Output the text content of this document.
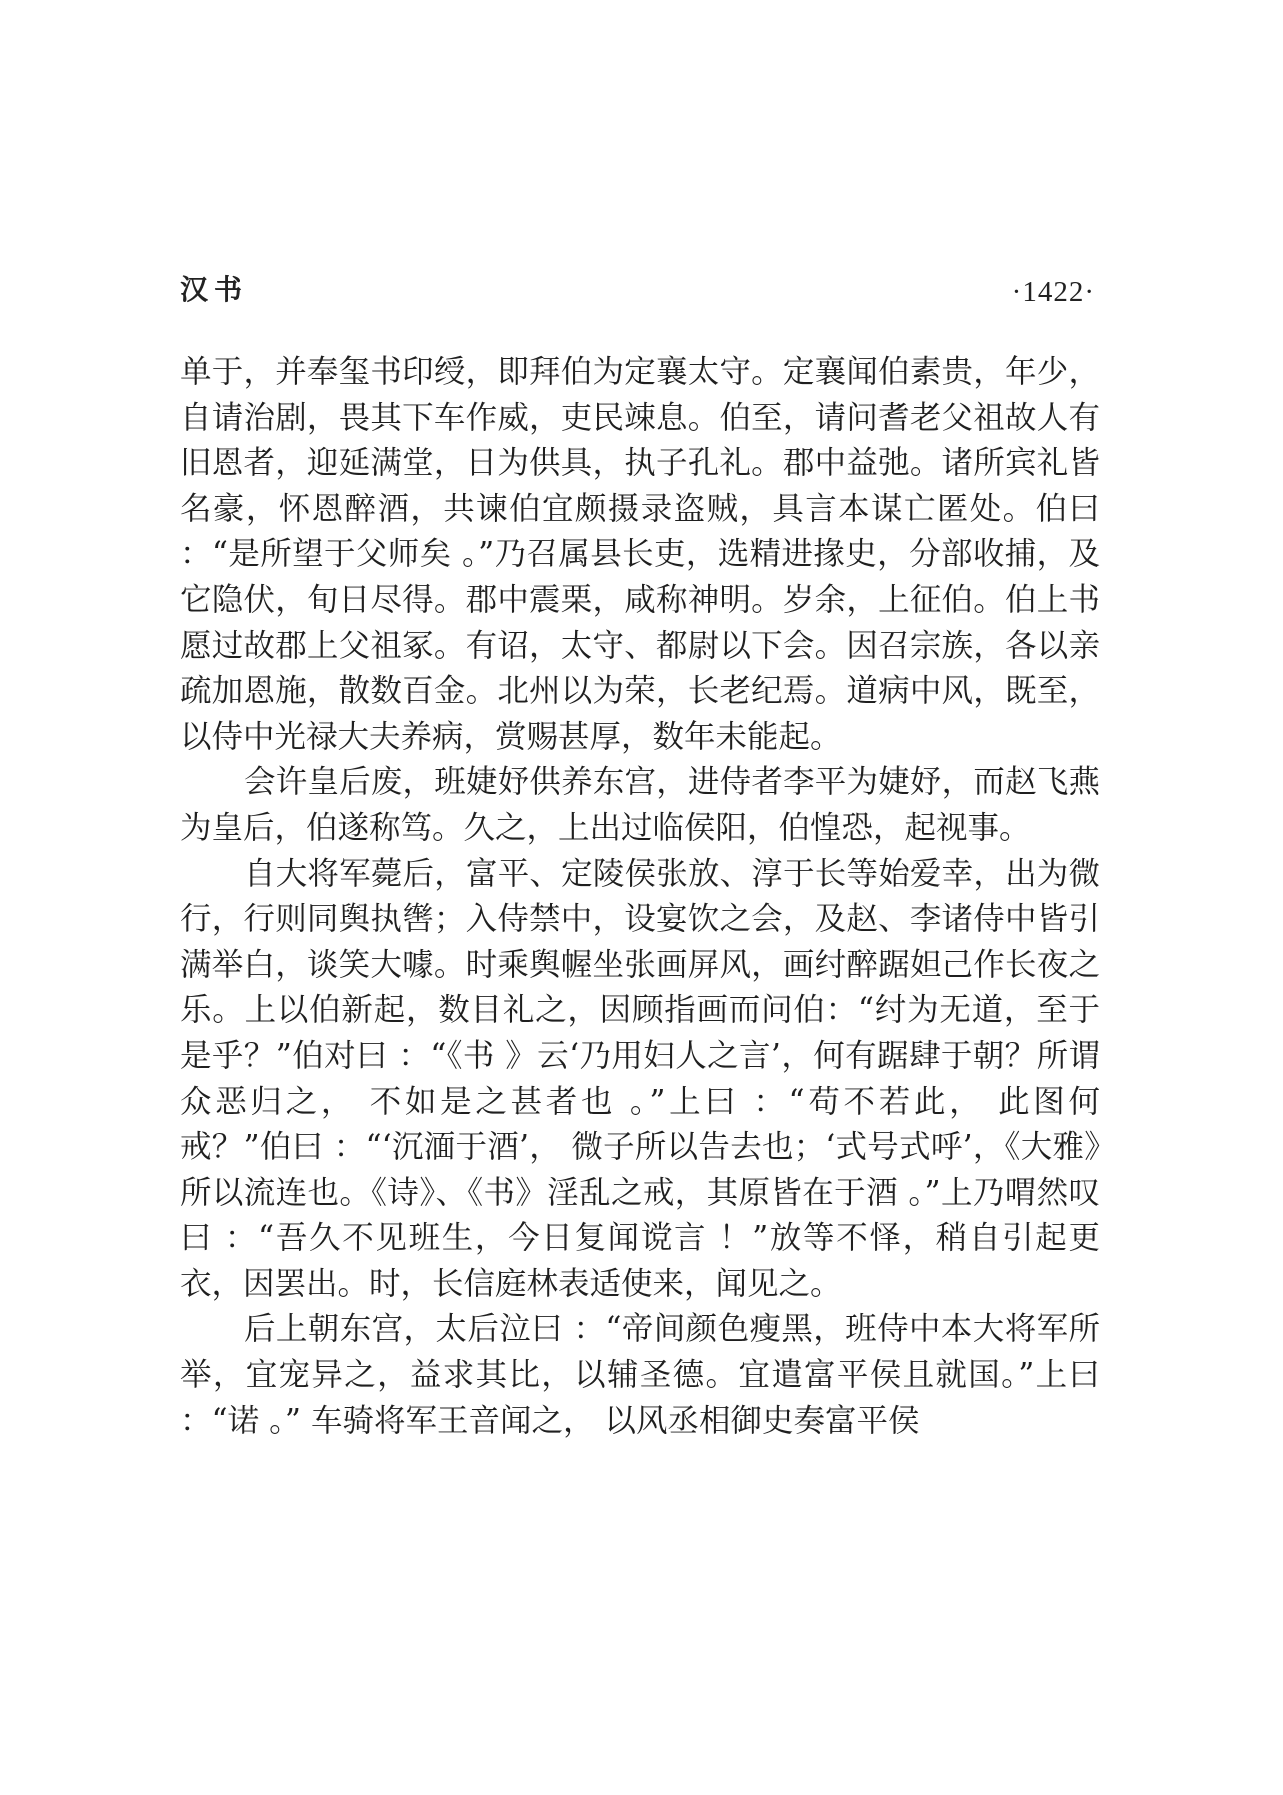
汉书	·1422·

单于，并奉玺书印绶，即拜伯为定襄太守。定襄闻伯素贵，年少，自请治剧，畏其下车作威，吏民竦息。伯至，请问耆老父祖故人有旧恩者，迎延满堂，日为供具，执子孔礼。郡中益弛。诸所宾礼皆名豪，怀恩醉酒，共谏伯宜颇摄录盗贼，具言本谋亡匿处。伯曰 ：“是所望于父师矣 。”乃召属县长吏，选精进掾史，分部收捕，及它隐伏，旬日尽得。郡中震栗，咸称神明。岁余，上征伯。伯上书愿过故郡上父祖冢。有诏，太守、都尉以下会。因召宗族，各以亲疏加恩施，散数百金。北州以为荣，长老纪焉。道病中风，既至，以侍中光禄大夫养病，赏赐甚厚，数年未能起。

会许皇后废，班婕妤供养东宫，进侍者李平为婕妤，而赵飞燕为皇后，伯遂称笃。久之，上出过临侯阳，伯惶恐，起视事。

自大将军薨后，富平、定陵侯张放、淳于长等始爱幸，出为微行，行则同舆执辔；入侍禁中，设宴饮之会，及赵、李诸侍中皆引满举白，谈笑大噱。时乘舆幄坐张画屏风，画纣醉踞妲己作长夜之乐。上以伯新起，数目礼之，因顾指画而问伯：“纣为无道，至于是乎？”伯对曰 ：“《书 》云‘乃用妇人之言’，何有踞肆于朝？所谓众恶归之， 不如是之甚者也 。”上曰 ：“苟不若此， 此图何戒？”伯曰 ：“‘沉湎于酒’， 微子所以告去也；‘式号式呼’，《大雅》所以流连也。《诗》、《书》淫乱之戒，其原皆在于酒 。”上乃喟然叹曰 ：“吾久不见班生，今日复闻谠言 ！”放等不怿，稍自引起更衣，因罢出。时，长信庭林表适使来，闻见之。

后上朝东宫，太后泣曰 ：“帝间颜色瘦黑，班侍中本大将军所举，宜宠异之，益求其比，以辅圣德。宜遣富平侯且就国。”上曰 ：“诺 。” 车骑将军王音闻之， 以风丞相御史奏富平侯
